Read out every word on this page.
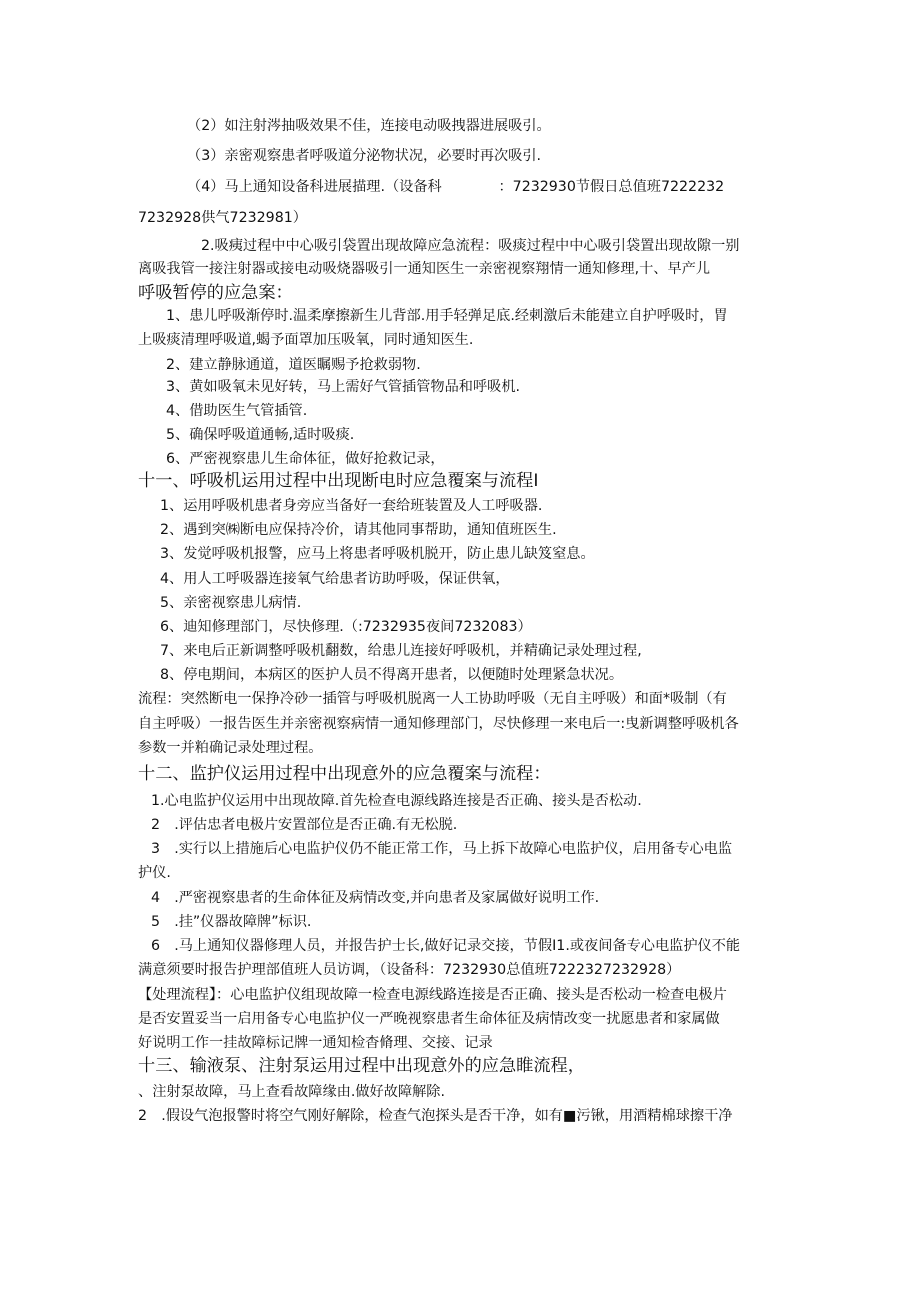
（2）如注射涔抽吸效果不佳，连接电动吸拽器进展吸引。
（3）亲密观察患者呼吸道分泌物状况，必要时再次吸引.
（4）马上通知设备科进展描理.（设备科　　　　：7232930节假日总值班7222232
7232928供气7232981）
2.吸痍过程中中心吸引袋置出现故障应急流程：吸痰过程中中心吸引袋置出现故隙一别
离吸我管一接注射器或接电动吸烧器吸引一通知医生一亲密视察翔情一通知修理,十、早产儿
呼吸暂停的应急案：
1、患儿呼吸渐停时.温柔摩擦新生儿背部.用手轻弹足底.经刺激后未能建立自护呼吸时，胃
上吸痰清理呼吸道,蝎予面罩加压吸氧，同时通知医生.
2、建立静脉通道，道医瞩赐予抢救弱物.
3、黄如吸氧未见好转，马上需好气管插管物品和呼吸机.
4、借助医生气管插管.
5、确保呼吸道通畅,适时吸痰.
6、严密视察患儿生命体征，做好抢救记录，
十一、呼吸机运用过程中出现断电时应急覆案与流程Ⅰ
1、运用呼吸机患者身旁应当备好一套给班装置及人工呼吸器.
2、遇到突㈱断电应保持冷价，请其他同事帮助，通知值班医生.
3、发觉呼吸机报警，应马上将患者呼吸机脱开，防止患儿缺笈窒息。
4、用人工呼吸器连接氧气给患者访助呼吸，保证供氧，
5、亲密视察患儿病情.
6、迪知修理部门，尽快修理.（:7232935夜间7232083）
7、来电后正新调整呼吸机翻数，给患儿连接好呼吸机，并精确记录处理过程,
8、停电期间，本病区的医护人员不得离开患者，以便随时处理紧急状况。
流程：突然断电一保挣冷砂一插管与呼吸机脱离一人工协助呼吸（无自主呼吸）和面*吸制（有
自主呼吸）一报告医生并亲密视察病情一通知修理部门，尽快修理一来电后一:曳新调整呼吸机各
参数一并粕确记录处理过程。
十二、监护仪运用过程中出现意外的应急覆案与流程：
1.心电监护仪运用中出现故障.首先检查电源线路连接是否正确、接头是否松动.
2　.评估忠者电极片安置部位是否正确.有无松脱.
3　.实行以上措施后心电监护仪仍不能正常工作，马上拆下故障心电监护仪，启用备专心电监
护仪.
4　.严密视察患者的生命体征及病情改变,并向患者及家属做好说明工作.
5　.挂”仪器故障牌”标识.
6　.马上通知仪器修理人员，并报告护士长,做好记录交接，节假I1.或夜间备专心电监护仪不能
满意须要时报告护理部值班人员访调，（设备科：7232930总值班7222327232928）
【处理流程】：心电监护仪组现故障一检查电源线路连接是否正确、接头是否松动一检查电极片
是否安置妥当一启用备专心电监护仪一严晚视察患者生命体征及病情改变一扰愿患者和家属做
好说明工作一挂故障标记牌一通知检杳脩理、交接、记录
十三、输液泵、注射泵运用过程中出现意外的应急睢流程，
、注射泵故障，马上查看故障缘由.做好故障解除.
2　.假设气泡报警时将空气刚好解除，检查气泡探头是否干净，如有■污锹，用酒精棉球擦干净
